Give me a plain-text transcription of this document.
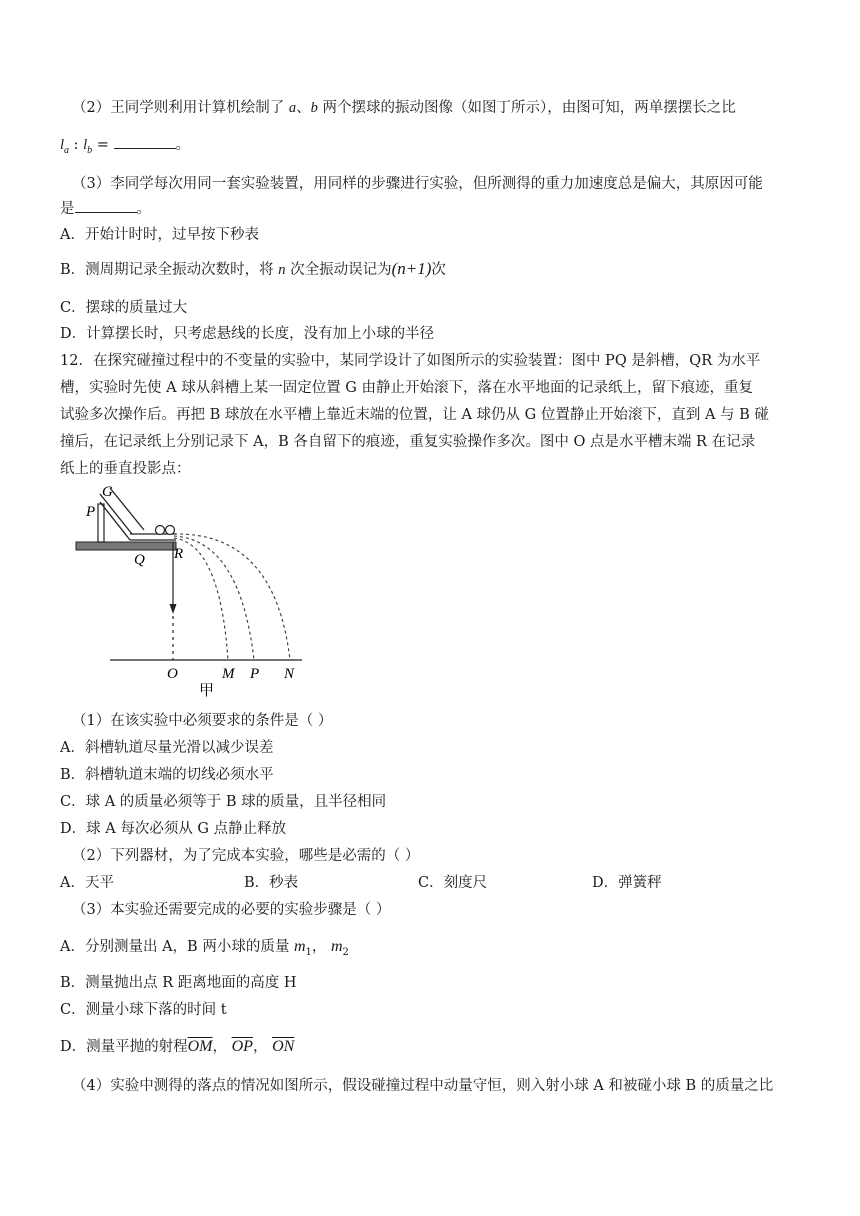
（2）王同学则利用计算机绘制了 a、b 两个摆球的振动图像（如图丁所示），由图可知，两单摆摆长之比
$l_a$ : $l_b$ =	。
（3）李同学每次用同一套实验装置，用同样的步骤进行实验，但所测得的重力加速度总是偏大，其原因可能
是	。
A．开始计时时，过早按下秒表
B．测周期记录全振动次数时，将 n 次全振动误记为(n+1)次
C．摆球的质量过大
D．计算摆长时，只考虑悬线的长度，没有加上小球的半径
12．在探究碰撞过程中的不变量的实验中，某同学设计了如图所示的实验装置：图中 PQ 是斜槽，QR 为水平
槽，实验时先使 A 球从斜槽上某一固定位置 G 由静止开始滚下，落在水平地面的记录纸上，留下痕迹，重复
试验多次操作后。再把 B 球放在水平槽上靠近末端的位置，让 A 球仍从 G 位置静止开始滚下，直到 A 与 B 碰
撞后，在记录纸上分别记录下 A，B 各自留下的痕迹，重复实验操作多次。图中 O 点是水平槽末端 R 在记录
纸上的垂直投影点：
P
G
Q R
O	M P N
甲
（1）在该实验中必须要求的条件是（ ）
A．斜槽轨道尽量光滑以减少误差
B．斜槽轨道末端的切线必须水平
C．球 A 的质量必须等于 B 球的质量，且半径相同
D．球 A 每次必须从 G 点静止释放
（2）下列器材，为了完成本实验，哪些是必需的（ ）
A．天平	B．秒表	C．刻度尺	D．弹簧秤
（3）本实验还需要完成的必要的实验步骤是（ ）
A．分别测量出 A，B 两小球的质量 $m_1$， $m_2$
B．测量抛出点 R 距离地面的高度 H
C．测量小球下落的时间 t
D．测量平抛的射程$\overline{OM}$， $\overline{OP}$， $\overline{ON}$
（4）实验中测得的落点的情况如图所示，假设碰撞过程中动量守恒，则入射小球 A 和被碰小球 B 的质量之比
